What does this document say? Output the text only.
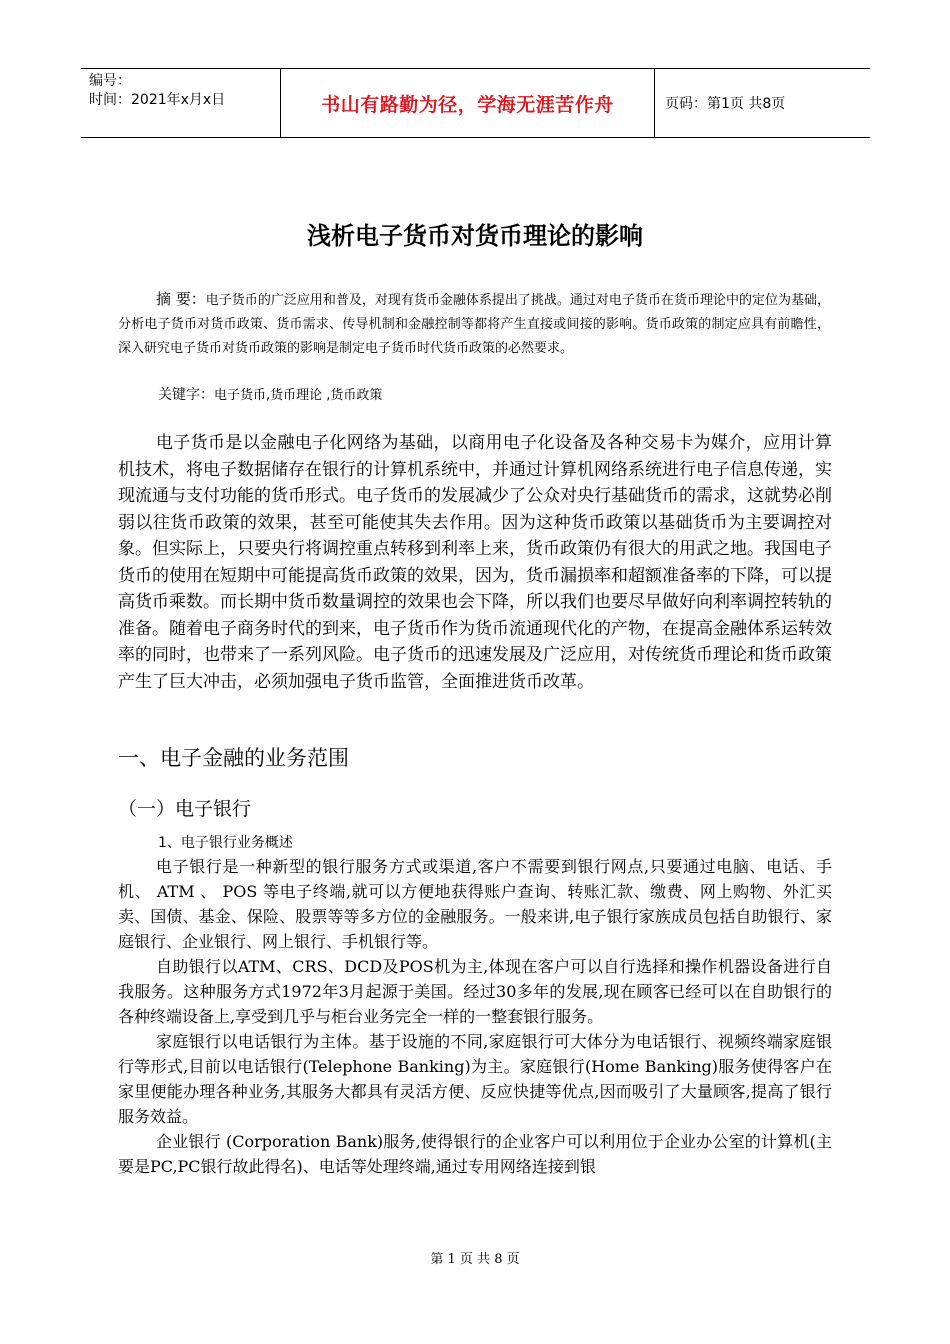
编号：
时间：2021年x月x日	书山有路勤为径，学海无涯苦作舟	页码：第1页 共8页
浅析电子货币对货币理论的影响
摘 要：电子货币的广泛应用和普及，对现有货币金融体系提出了挑战。通过对电子货币在货币理论中的定位为基础，分析电子货币对货币政策、货币需求、传导机制和金融控制等都将产生直接或间接的影响。货币政策的制定应具有前瞻性，深入研究电子货币对货币政策的影响是制定电子货币时代货币政策的必然要求。
关键字：电子货币,货币理论 ,货币政策

电子货币是以金融电子化网络为基础，以商用电子化设备及各种交易卡为媒介，应用计算机技术，将电子数据储存在银行的计算机系统中，并通过计算机网络系统进行电子信息传递，实现流通与支付功能的货币形式。电子货币的发展减少了公众对央行基础货币的需求，这就势必削弱以往货币政策的效果，甚至可能使其失去作用。因为这种货币政策以基础货币为主要调控对象。但实际上，只要央行将调控重点转移到利率上来，货币政策仍有很大的用武之地。我国电子货币的使用在短期中可能提高货币政策的效果，因为，货币漏损率和超额准备率的下降，可以提高货币乘数。而长期中货币数量调控的效果也会下降，所以我们也要尽早做好向利率调控转轨的准备。随着电子商务时代的到来，电子货币作为货币流通现代化的产物，在提高金融体系运转效率的同时，也带来了一系列风险。电子货币的迅速发展及广泛应用，对传统货币理论和货币政策产生了巨大冲击，必须加强电子货币监管，全面推进货币改革。

一、电子金融的业务范围
（一）电子银行
1、电子银行业务概述

电子银行是一种新型的银行服务方式或渠道,客户不需要到银行网点,只要通过电脑、电话、手机、 ATM 、 POS 等电子终端,就可以方便地获得账户查询、转账汇款、缴费、网上购物、外汇买卖、国债、基金、保险、股票等等多方位的金融服务。一般来讲,电子银行家族成员包括自助银行、家庭银行、企业银行、网上银行、手机银行等。

自助银行以ATM、CRS、DCD及POS机为主,体现在客户可以自行选择和操作机器设备进行自我服务。这种服务方式1972年3月起源于美国。经过30多年的发展,现在顾客已经可以在自助银行的各种终端设备上,享受到几乎与柜台业务完全一样的一整套银行服务。

家庭银行以电话银行为主体。基于设施的不同,家庭银行可大体分为电话银行、视频终端家庭银行等形式,目前以电话银行(Telephone Banking)为主。家庭银行(Home Banking)服务使得客户在家里便能办理各种业务,其服务大都具有灵活方便、反应快捷等优点,因而吸引了大量顾客,提高了银行服务效益。

企业银行 (Corporation Bank)服务,使得银行的企业客户可以利用位于企业办公室的计算机(主要是PC,PC银行故此得名)、电话等处理终端,通过专用网络连接到银

第 1 页 共 8 页
